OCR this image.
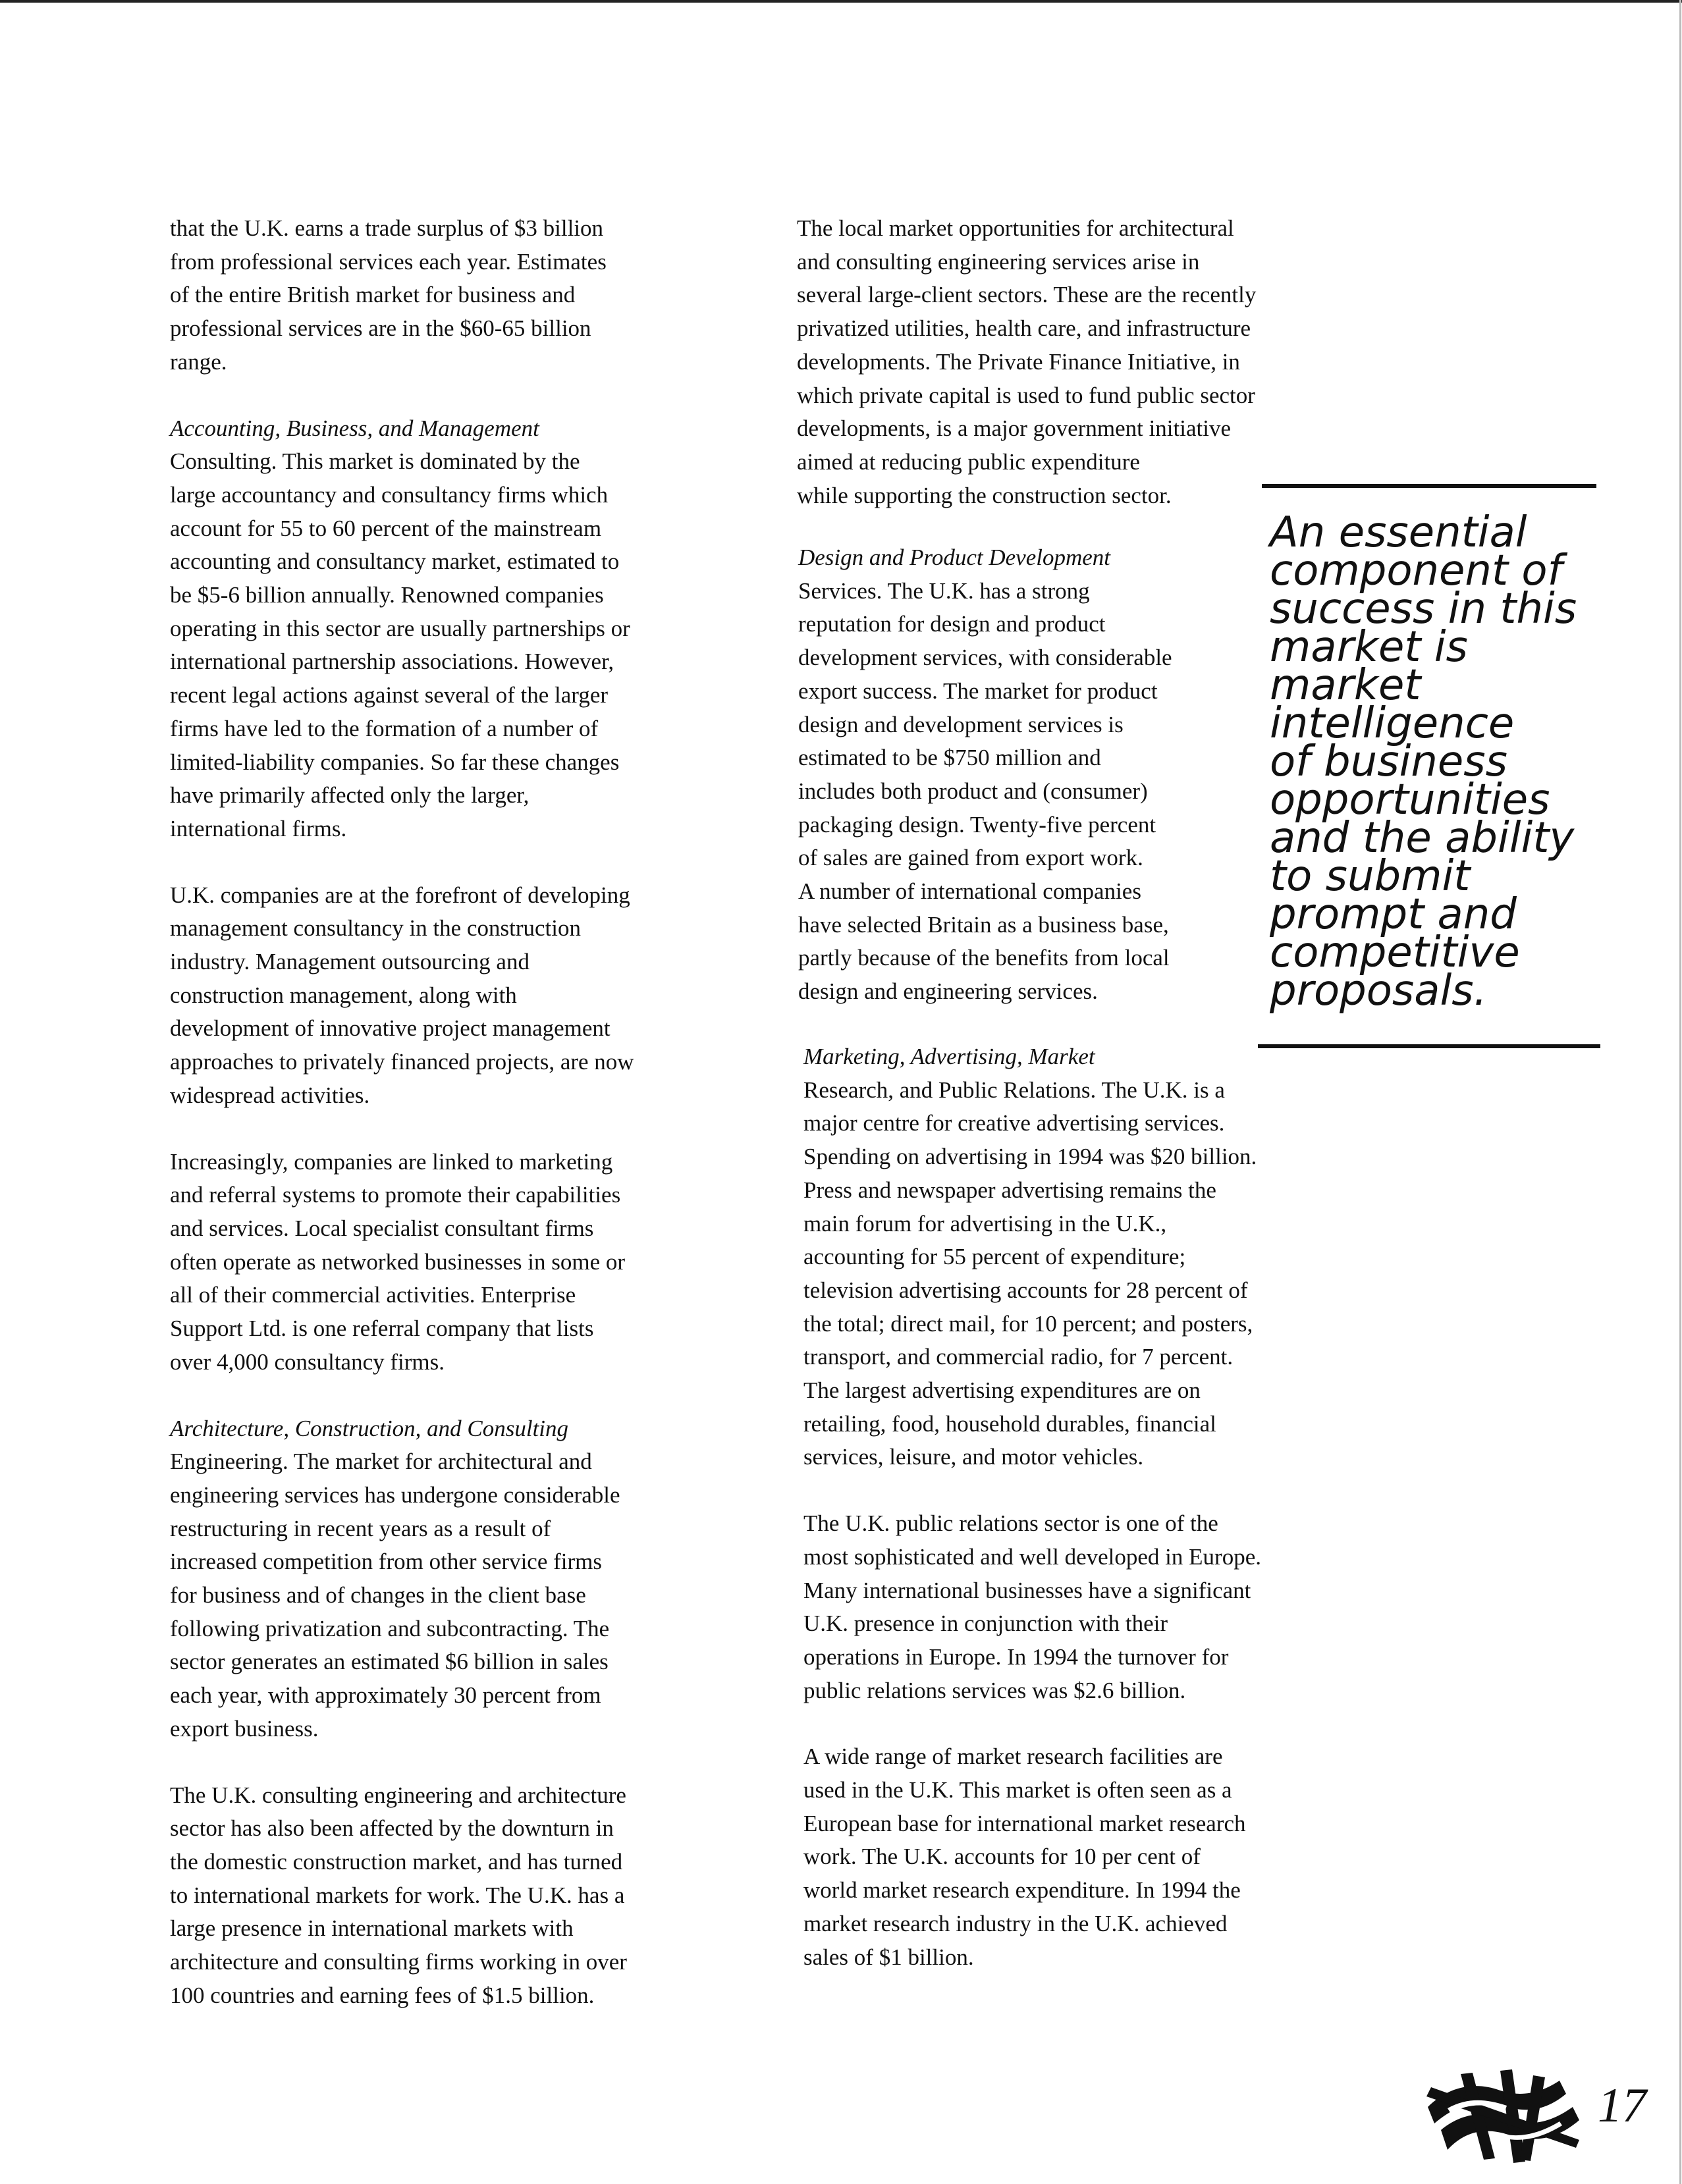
that the U.K. earns a trade surplus of $3 billion
from professional services each year. Estimates
of the entire British market for business and
professional services are in the $60-65 billion
range.

Accounting, Business, and Management
Consulting. This market is dominated by the
large accountancy and consultancy firms which
account for 55 to 60 percent of the mainstream
accounting and consultancy market, estimated to
be $5-6 billion annually. Renowned companies
operating in this sector are usually partnerships or
international partnership associations. However,
recent legal actions against several of the larger
firms have led to the formation of a number of
limited-liability companies. So far these changes
have primarily affected only the larger,
international firms.

U.K. companies are at the forefront of developing
management consultancy in the construction
industry. Management outsourcing and
construction management, along with
development of innovative project management
approaches to privately financed projects, are now
widespread activities.

Increasingly, companies are linked to marketing
and referral systems to promote their capabilities
and services. Local specialist consultant firms
often operate as networked businesses in some or
all of their commercial activities. Enterprise
Support Ltd. is one referral company that lists
over 4,000 consultancy firms.

Architecture, Construction, and Consulting
Engineering. The market for architectural and
engineering services has undergone considerable
restructuring in recent years as a result of
increased competition from other service firms
for business and of changes in the client base
following privatization and subcontracting. The
sector generates an estimated $6 billion in sales
each year, with approximately 30 percent from
export business.

The U.K. consulting engineering and architecture
sector has also been affected by the downturn in
the domestic construction market, and has turned
to international markets for work. The U.K. has a
large presence in international markets with
architecture and consulting firms working in over
100 countries and earning fees of $1.5 billion.

The local market opportunities for architectural
and consulting engineering services arise in
several large-client sectors. These are the recently
privatized utilities, health care, and infrastructure
developments. The Private Finance Initiative, in
which private capital is used to fund public sector
developments, is a major government initiative
aimed at reducing public expenditure
while supporting the construction sector.

An essential
component of
success in this
market is
market
intelligence
of business
opportunities
and the ability
to submit
prompt and
competitive
proposals.

Design and Product Development
Services. The U.K. has a strong
reputation for design and product
development services, with considerable
export success. The market for product
design and development services is
estimated to be $750 million and
includes both product and (consumer)
packaging design. Twenty-five percent
of sales are gained from export work.
A number of international companies
have selected Britain as a business base,
partly because of the benefits from local
design and engineering services.

Marketing, Advertising, Market
Research, and Public Relations. The U.K. is a
major centre for creative advertising services.
Spending on advertising in 1994 was $20 billion.
Press and newspaper advertising remains the
main forum for advertising in the U.K.,
accounting for 55 percent of expenditure;
television advertising accounts for 28 percent of
the total; direct mail, for 10 percent; and posters,
transport, and commercial radio, for 7 percent.
The largest advertising expenditures are on
retailing, food, household durables, financial
services, leisure, and motor vehicles.

The U.K. public relations sector is one of the
most sophisticated and well developed in Europe.
Many international businesses have a significant
U.K. presence in conjunction with their
operations in Europe. In 1994 the turnover for
public relations services was $2.6 billion.

A wide range of market research facilities are
used in the U.K. This market is often seen as a
European base for international market research
work. The U.K. accounts for 10 per cent of
world market research expenditure. In 1994 the
market research industry in the U.K. achieved
sales of $1 billion.

17
